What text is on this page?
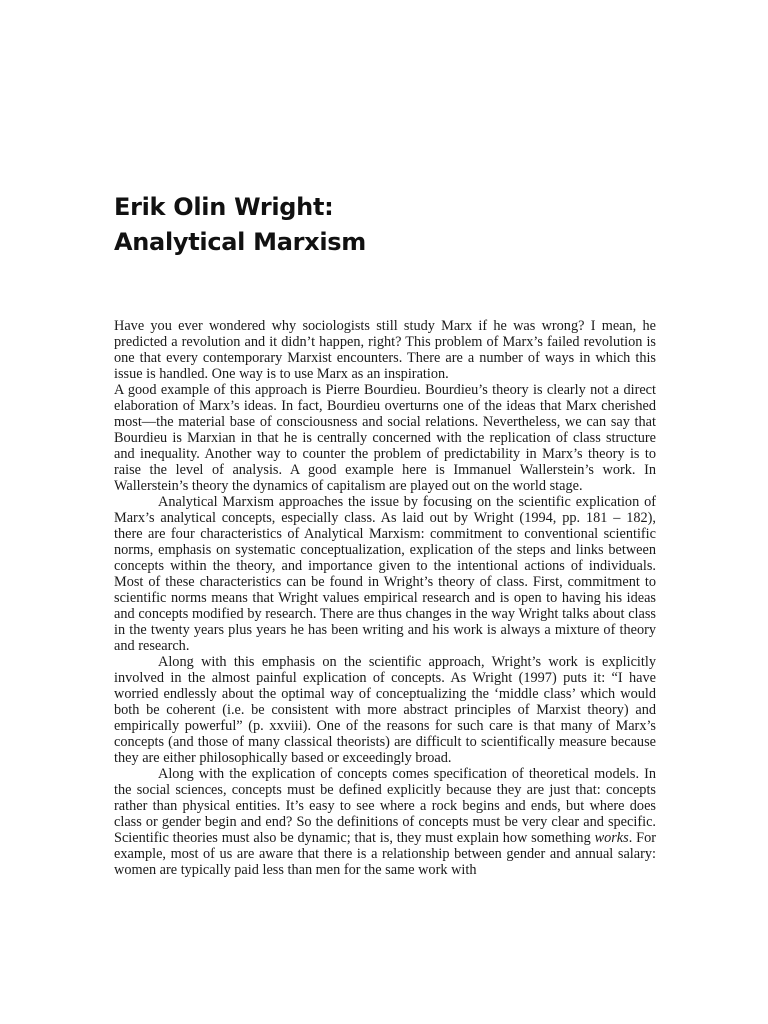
Erik Olin Wright:
Analytical Marxism

Have you ever wondered why sociologists still study Marx if he was wrong? I mean, he predicted a revolution and it didn’t happen, right? This problem of Marx’s failed revolution is one that every contemporary Marxist encounters. There are a number of ways in which this issue is handled. One way is to use Marx as an inspiration.

A good example of this approach is Pierre Bourdieu. Bourdieu’s theory is clearly not a direct elaboration of Marx’s ideas. In fact, Bourdieu overturns one of the ideas that Marx cherished most—the material base of consciousness and social relations. Nevertheless, we can say that Bourdieu is Marxian in that he is centrally concerned with the replication of class structure and inequality. Another way to counter the problem of predictability in Marx’s theory is to raise the level of analysis. A good example here is Immanuel Wallerstein’s work. In Wallerstein’s theory the dynamics of capitalism are played out on the world stage.

Analytical Marxism approaches the issue by focusing on the scientific explication of Marx’s analytical concepts, especially class. As laid out by Wright (1994, pp. 181 – 182), there are four characteristics of Analytical Marxism: commitment to conventional scientific norms, emphasis on systematic conceptualization, explication of the steps and links between concepts within the theory, and importance given to the intentional actions of individuals. Most of these characteristics can be found in Wright’s theory of class. First, commitment to scientific norms means that Wright values empirical research and is open to having his ideas and concepts modified by research. There are thus changes in the way Wright talks about class in the twenty years plus years he has been writing and his work is always a mixture of theory and research.

Along with this emphasis on the scientific approach, Wright’s work is explicitly involved in the almost painful explication of concepts. As Wright (1997) puts it: “I have worried endlessly about the optimal way of conceptualizing the ‘middle class’ which would both be coherent (i.e. be consistent with more abstract principles of Marxist theory) and empirically powerful” (p. xxviii). One of the reasons for such care is that many of Marx’s concepts (and those of many classical theorists) are difficult to scientifically measure because they are either philosophically based or exceedingly broad.

Along with the explication of concepts comes specification of theoretical models. In the social sciences, concepts must be defined explicitly because they are just that: concepts rather than physical entities. It’s easy to see where a rock begins and ends, but where does class or gender begin and end? So the definitions of concepts must be very clear and specific. Scientific theories must also be dynamic; that is, they must explain how something works. For example, most of us are aware that there is a relationship between gender and annual salary: women are typically paid less than men for the same work with
